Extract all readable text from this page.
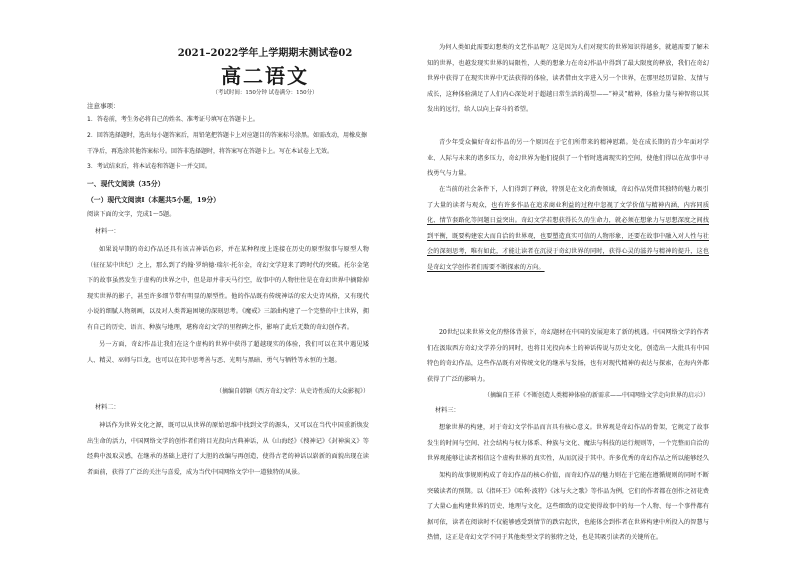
2021–2022学年上学期期末测试卷02
高二语文
（考试时间：150分钟 试卷满分：150分）
注意事项：
1．答卷前，考生务必将自己的姓名、准考证号填写在答题卡上。
2．回答选择题时，选出每小题答案后，用铅笔把答题卡上对应题目的答案标号涂黑。如需改动，用橡皮擦干净后，再选涂其他答案标号。回答非选择题时，将答案写在答题卡上。写在本试卷上无效。
3．考试结束后，将本试卷和答题卡一并交回。
一、现代文阅读（35分）
（一）现代文阅读Ⅰ（本题共5小题，19分）
阅读下面的文字，完成1～5题。
材料一：
如果说早期的奇幻作品还具有该吉神话色彩，并在某种程度上连接在历史的原型叙事与原型人物（征征某中世纪）之上，那么到了约翰·罗纳德·瑞尔·托尔金，奇幻文学迎来了跨时代的突破。托尔金笔下的故事虽然发生于虚构的世界之中，但是却并非天马行空，故事中的人物往往是在奇幻世界中摘除掉现实世界的影子，甚至许多细节带有明显的原型性。他的作品既有传统神话的宏大史诗风格，又有现代小说的细腻人物刻画，以及对人类普遍困境的深刻思考。《魔戒》三部曲构建了一个完整的中土世界，拥有自己的历史、语言、种族与地理，堪称奇幻文学的里程碑之作，影响了此后无数的奇幻创作者。
另一方面，奇幻作品让我们在这个虚构的世界中获得了超越现实的体验，我们可以在其中遇见矮人、精灵、巫师与巨龙，也可以在其中思考善与恶、光明与黑暗、勇气与牺牲等永恒的主题。
（摘编自韩颖《西方奇幻文学：从史诗性质的大众影视》）
材料二：
神话作为世界文化之源，既可以从世界的原始思维中找到文学的源头，又可以在当代中国重新焕发出生命的活力，中国网络文学的创作者们将目光投向古典神话，从《山海经》《搜神记》《封神演义》等经典中汲取灵感，在继承的基础上进行了大胆的改编与再创造，使得古老的神话以崭新的面貌出现在读者面前，获得了广泛的关注与喜爱，成为当代中国网络文学中一道独特的风景。
为何人类如此需要幻想类的文艺作品呢？这是因为人们对现实的世界知识得越多，就越需要了解未知的世界，也越发现实世界的局限性，人类的想象力在奇幻作品中得到了最大限度的释放，我们在奇幻世界中获得了在现实世界中无法获得的体验，读者借由文字进入另一个世界，在那里经历冒险、友情与成长，这种体验满足了人们内心深处对于超越日常生活的渴望——“神灵”精神，体验力量与神智将以其发出的远行，给人以向上奋斗的希望。
青少年受众偏好奇幻作品的另一个原因在于它们所带来的精神慰藉。处在成长期的青少年面对学业、人际与未来的诸多压力，奇幻世界为他们提供了一个暂时逃离现实的空间，使他们得以在故事中寻找勇气与力量。
在当前的社会条件下，人们得到了释放，特别是在文化消费领域，奇幻作品凭借其独特的魅力吸引了大量的读者与观众，也有许多作品在追求商业利益的过程中忽视了文学价值与精神内涵，内容同质化、情节套路化等问题日益突出。奇幻文学若想获得长久的生命力，就必须在想象力与思想深度之间找到平衡，既要构建宏大而自洽的世界观，也要塑造真实可信的人物形象，还要在故事中融入对人性与社会的深刻思考，唯有如此，才能让读者在沉浸于奇幻世界的同时，获得心灵的滋养与精神的提升，这也是奇幻文学创作者们需要不断探索的方向。
20世纪以来世界文化的整体背景下，奇幻题材在中国的发展迎来了新的机遇。中国网络文学的作者们在汲取西方奇幻文学养分的同时，也将目光投向本土的神话传说与历史文化，创造出一大批具有中国特色的奇幻作品，这些作品既有对传统文化的继承与发扬，也有对现代精神的表达与探索，在海内外都获得了广泛的影响力。
（摘编自王祥《不断创造人类精神体验的新需求——中国网络文学走向世界的启示》）
材料三：
想象世界的构建，对于奇幻文学作品而言具有核心意义。世界观是奇幻作品的骨架，它规定了故事发生的时间与空间、社会结构与权力体系、种族与文化、魔法与科技的运行规则等，一个完整而自洽的世界观能够让读者相信这个虚构世界的真实性，从而沉浸于其中。许多优秀的奇幻作品之所以能够经久
架构的故事规则构成了奇幻作品的核心价值，而奇幻作品的魅力则在于它能在遵循规则的同时不断突破读者的预期。以《指环王》《哈利·波特》《冰与火之歌》等作品为例，它们的作者都在创作之初花费了大量心血构建世界的历史、地理与文化，这些细致的设定使得故事中的每一个人物、每一个事件都有据可依，读者在阅读时不仅能够感受到情节的跌宕起伏，也能体会到作者在世界构建中所投入的智慧与热情，这正是奇幻文学不同于其他类型文学的独特之处，也是其吸引读者的关键所在。
